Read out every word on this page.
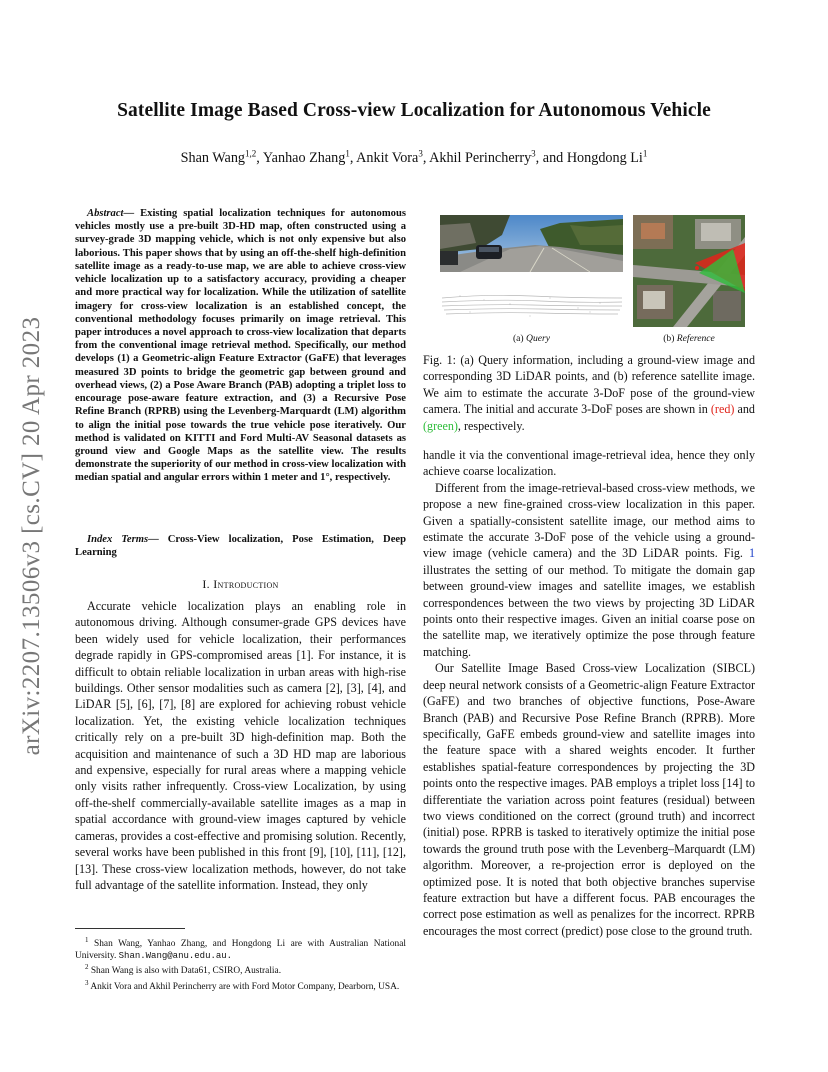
Satellite Image Based Cross-view Localization for Autonomous Vehicle
Shan Wang$^{1,2}$, Yanhao Zhang$^1$, Ankit Vora$^3$, Akhil Perincherry$^3$, and Hongdong Li$^1$
arXiv:2207.13506v3 [cs.CV] 20 Apr 2023

Abstract— Existing spatial localization techniques for autonomous vehicles mostly use a pre-built 3D-HD map, often constructed using a survey-grade 3D mapping vehicle, which is not only expensive but also laborious. This paper shows that by using an off-the-shelf high-definition satellite image as a ready-to-use map, we are able to achieve cross-view vehicle localization up to a satisfactory accuracy, providing a cheaper and more practical way for localization. While the utilization of satellite imagery for cross-view localization is an established concept, the conventional methodology focuses primarily on image retrieval. This paper introduces a novel approach to cross-view localization that departs from the conventional image retrieval method. Specifically, our method develops (1) a Geometric-align Feature Extractor (GaFE) that leverages measured 3D points to bridge the geometric gap between ground and overhead views, (2) a Pose Aware Branch (PAB) adopting a triplet loss to encourage pose-aware feature extraction, and (3) a Recursive Pose Refine Branch (RPRB) using the Levenberg-Marquardt (LM) algorithm to align the initial pose towards the true vehicle pose iteratively. Our method is validated on KITTI and Ford Multi-AV Seasonal datasets as ground view and Google Maps as the satellite view. The results demonstrate the superiority of our method in cross-view localization with median spatial and angular errors within 1 meter and 1°, respectively.

Index Terms— Cross-View localization, Pose Estimation, Deep Learning

I. Introduction

Accurate vehicle localization plays an enabling role in autonomous driving. Although consumer-grade GPS devices have been widely used for vehicle localization, their performances degrade rapidly in GPS-compromised areas [1]. For instance, it is difficult to obtain reliable localization in urban areas with high-rise buildings. Other sensor modalities such as camera [2], [3], [4], and LiDAR [5], [6], [7], [8] are explored for achieving robust vehicle localization. Yet, the existing vehicle localization techniques critically rely on a pre-built 3D high-definition map. Both the acquisition and maintenance of such a 3D HD map are laborious and expensive, especially for rural areas where a mapping vehicle only visits rather infrequently. Cross-view Localization, by using off-the-shelf commercially-available satellite images as a map in spatial accordance with ground-view images captured by vehicle cameras, provides a cost-effective and promising solution. Recently, several works have been published in this front [9], [10], [11], [12], [13]. These cross-view localization methods, however, do not take full advantage of the satellite information. Instead, they only

$^1$ Shan Wang, Yanhao Zhang, and Hongdong Li are with Australian National University. Shan.Wang@anu.edu.au.

$^2$ Shan Wang is also with Data61, CSIRO, Australia.

$^3$ Ankit Vora and Akhil Perincherry are with Ford Motor Company, Dearborn, USA.

(a) Query	(b) Reference

Fig. 1: (a) Query information, including a ground-view image and corresponding 3D LiDAR points, and (b) reference satellite image. We aim to estimate the accurate 3-DoF pose of the ground-view camera. The initial and accurate 3-DoF poses are shown in (red) and (green), respectively.

handle it via the conventional image-retrieval idea, hence they only achieve coarse localization.

Different from the image-retrieval-based cross-view methods, we propose a new fine-grained cross-view localization in this paper. Given a spatially-consistent satellite image, our method aims to estimate the accurate 3-DoF pose of the vehicle using a ground-view image (vehicle camera) and the 3D LiDAR points. Fig. 1 illustrates the setting of our method. To mitigate the domain gap between ground-view images and satellite images, we establish correspondences between the two views by projecting 3D LiDAR points onto their respective images. Given an initial coarse pose on the satellite map, we iteratively optimize the pose through feature matching.

Our Satellite Image Based Cross-view Localization (SIBCL) deep neural network consists of a Geometric-align Feature Extractor (GaFE) and two branches of objective functions, Pose-Aware Branch (PAB) and Recursive Pose Refine Branch (RPRB). More specifically, GaFE embeds ground-view and satellite images into the feature space with a shared weights encoder. It further establishes spatial-feature correspondences by projecting the 3D points onto the respective images. PAB employs a triplet loss [14] to differentiate the variation across point features (residual) between two views conditioned on the correct (ground truth) and incorrect (initial) pose. RPRB is tasked to iteratively optimize the initial pose towards the ground truth pose with the Levenberg–Marquardt (LM) algorithm. Moreover, a re-projection error is deployed on the optimized pose. It is noted that both objective branches supervise feature extraction but have a different focus. PAB encourages the correct pose estimation as well as penalizes for the incorrect. RPRB encourages the most correct (predict) pose close to the ground truth.
